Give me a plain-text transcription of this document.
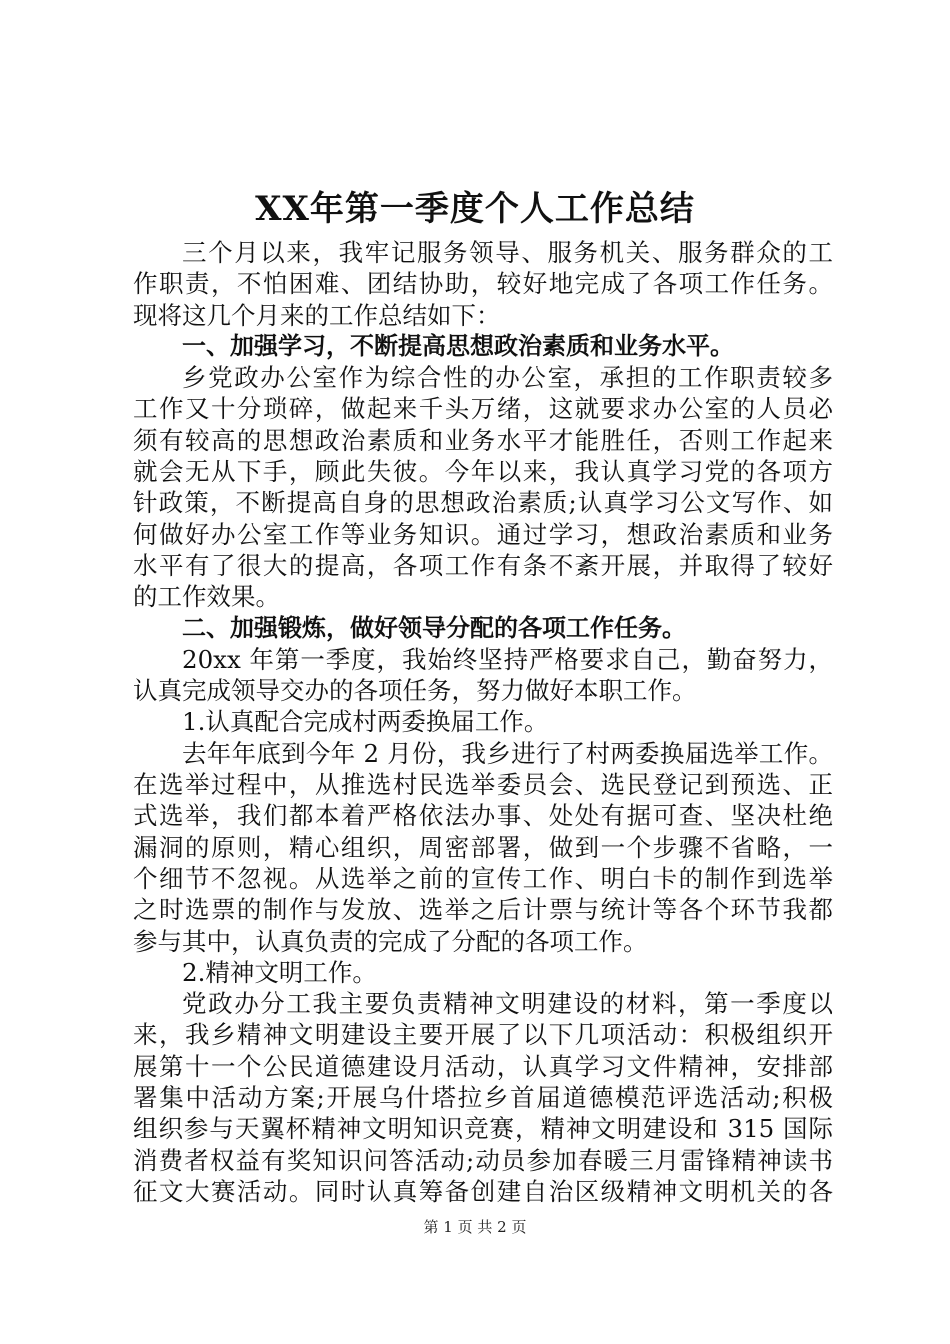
XX年第一季度个人工作总结
三个月以来，我牢记服务领导、服务机关、服务群众的工
作职责，不怕困难、团结协助，较好地完成了各项工作任务。
现将这几个月来的工作总结如下：
一、加强学习，不断提高思想政治素质和业务水平。
乡党政办公室作为综合性的办公室，承担的工作职责较多
工作又十分琐碎，做起来千头万绪，这就要求办公室的人员必
须有较高的思想政治素质和业务水平才能胜任，否则工作起来
就会无从下手，顾此失彼。今年以来，我认真学习党的各项方
针政策，不断提高自身的思想政治素质;认真学习公文写作、如
何做好办公室工作等业务知识。通过学习，想政治素质和业务
水平有了很大的提高，各项工作有条不紊开展，并取得了较好
的工作效果。
二、加强锻炼，做好领导分配的各项工作任务。
20xx 年第一季度，我始终坚持严格要求自己，勤奋努力，
认真完成领导交办的各项任务，努力做好本职工作。
1.认真配合完成村两委换届工作。
去年年底到今年 2 月份，我乡进行了村两委换届选举工作。
在选举过程中，从推选村民选举委员会、选民登记到预选、正
式选举，我们都本着严格依法办事、处处有据可查、坚决杜绝
漏洞的原则，精心组织，周密部署，做到一个步骤不省略，一
个细节不忽视。从选举之前的宣传工作、明白卡的制作到选举
之时选票的制作与发放、选举之后计票与统计等各个环节我都
参与其中，认真负责的完成了分配的各项工作。
2.精神文明工作。
党政办分工我主要负责精神文明建设的材料，第一季度以
来，我乡精神文明建设主要开展了以下几项活动：积极组织开
展第十一个公民道德建设月活动，认真学习文件精神，安排部
署集中活动方案;开展乌什塔拉乡首届道德模范评选活动;积极
组织参与天翼杯精神文明知识竞赛，精神文明建设和 315 国际
消费者权益有奖知识问答活动;动员参加春暖三月雷锋精神读书
征文大赛活动。同时认真筹备创建自治区级精神文明机关的各
第 1 页 共 2 页
